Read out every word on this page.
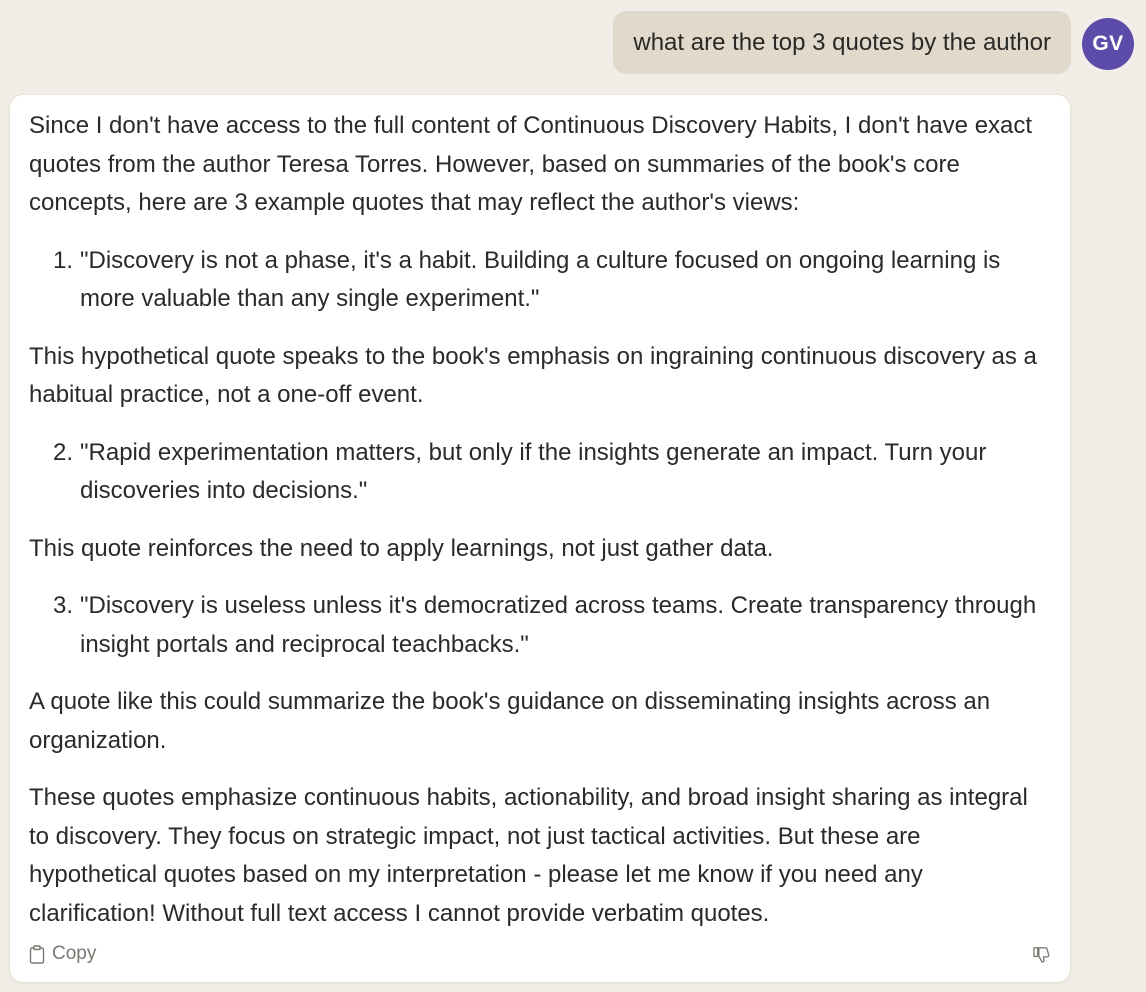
what are the top 3 quotes by the author GV

Since I don't have access to the full content of Continuous Discovery Habits, I don't have exact quotes from the author Teresa Torres. However, based on summaries of the book's core concepts, here are 3 example quotes that may reflect the author's views:

1. "Discovery is not a phase, it's a habit. Building a culture focused on ongoing learning is more valuable than any single experiment."

This hypothetical quote speaks to the book's emphasis on ingraining continuous discovery as a habitual practice, not a one-off event.

2. "Rapid experimentation matters, but only if the insights generate an impact. Turn your discoveries into decisions."

This quote reinforces the need to apply learnings, not just gather data.

3. "Discovery is useless unless it's democratized across teams. Create transparency through insight portals and reciprocal teachbacks."

A quote like this could summarize the book's guidance on disseminating insights across an organization.

These quotes emphasize continuous habits, actionability, and broad insight sharing as integral to discovery. They focus on strategic impact, not just tactical activities. But these are hypothetical quotes based on my interpretation - please let me know if you need any clarification! Without full text access I cannot provide verbatim quotes.

Copy
